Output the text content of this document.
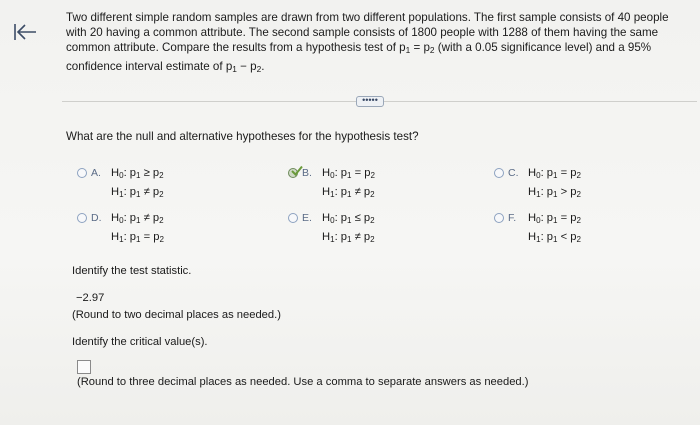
Two different simple random samples are drawn from two different populations. The first sample consists of 40 people with 20 having a common attribute. The second sample consists of 1800 people with 1288 of them having the same common attribute. Compare the results from a hypothesis test of $p_1 = p_2$ (with a 0.05 significance level) and a 95% confidence interval estimate of $p_1 - p_2$.
•••••
What are the null and alternative hypotheses for the hypothesis test?
A. $H_0$: $p_1 \ge p_2$
$H_1$: $p_1 \ne p_2$
B. $H_0$: $p_1 = p_2$
$H_1$: $p_1 \ne p_2$
C. $H_0$: $p_1 = p_2$
$H_1$: $p_1 > p_2$
D. $H_0$: $p_1 \ne p_2$
$H_1$: $p_1 = p_2$
E. $H_0$: $p_1 \le p_2$
$H_1$: $p_1 \ne p_2$
F.	$H_0$: $p_1 = p_2$
$H_1$: $p_1 < p_2$
Identify the test statistic.
−2.97
(Round to two decimal places as needed.)
Identify the critical value(s).
(Round to three decimal places as needed. Use a comma to separate answers as needed.)
